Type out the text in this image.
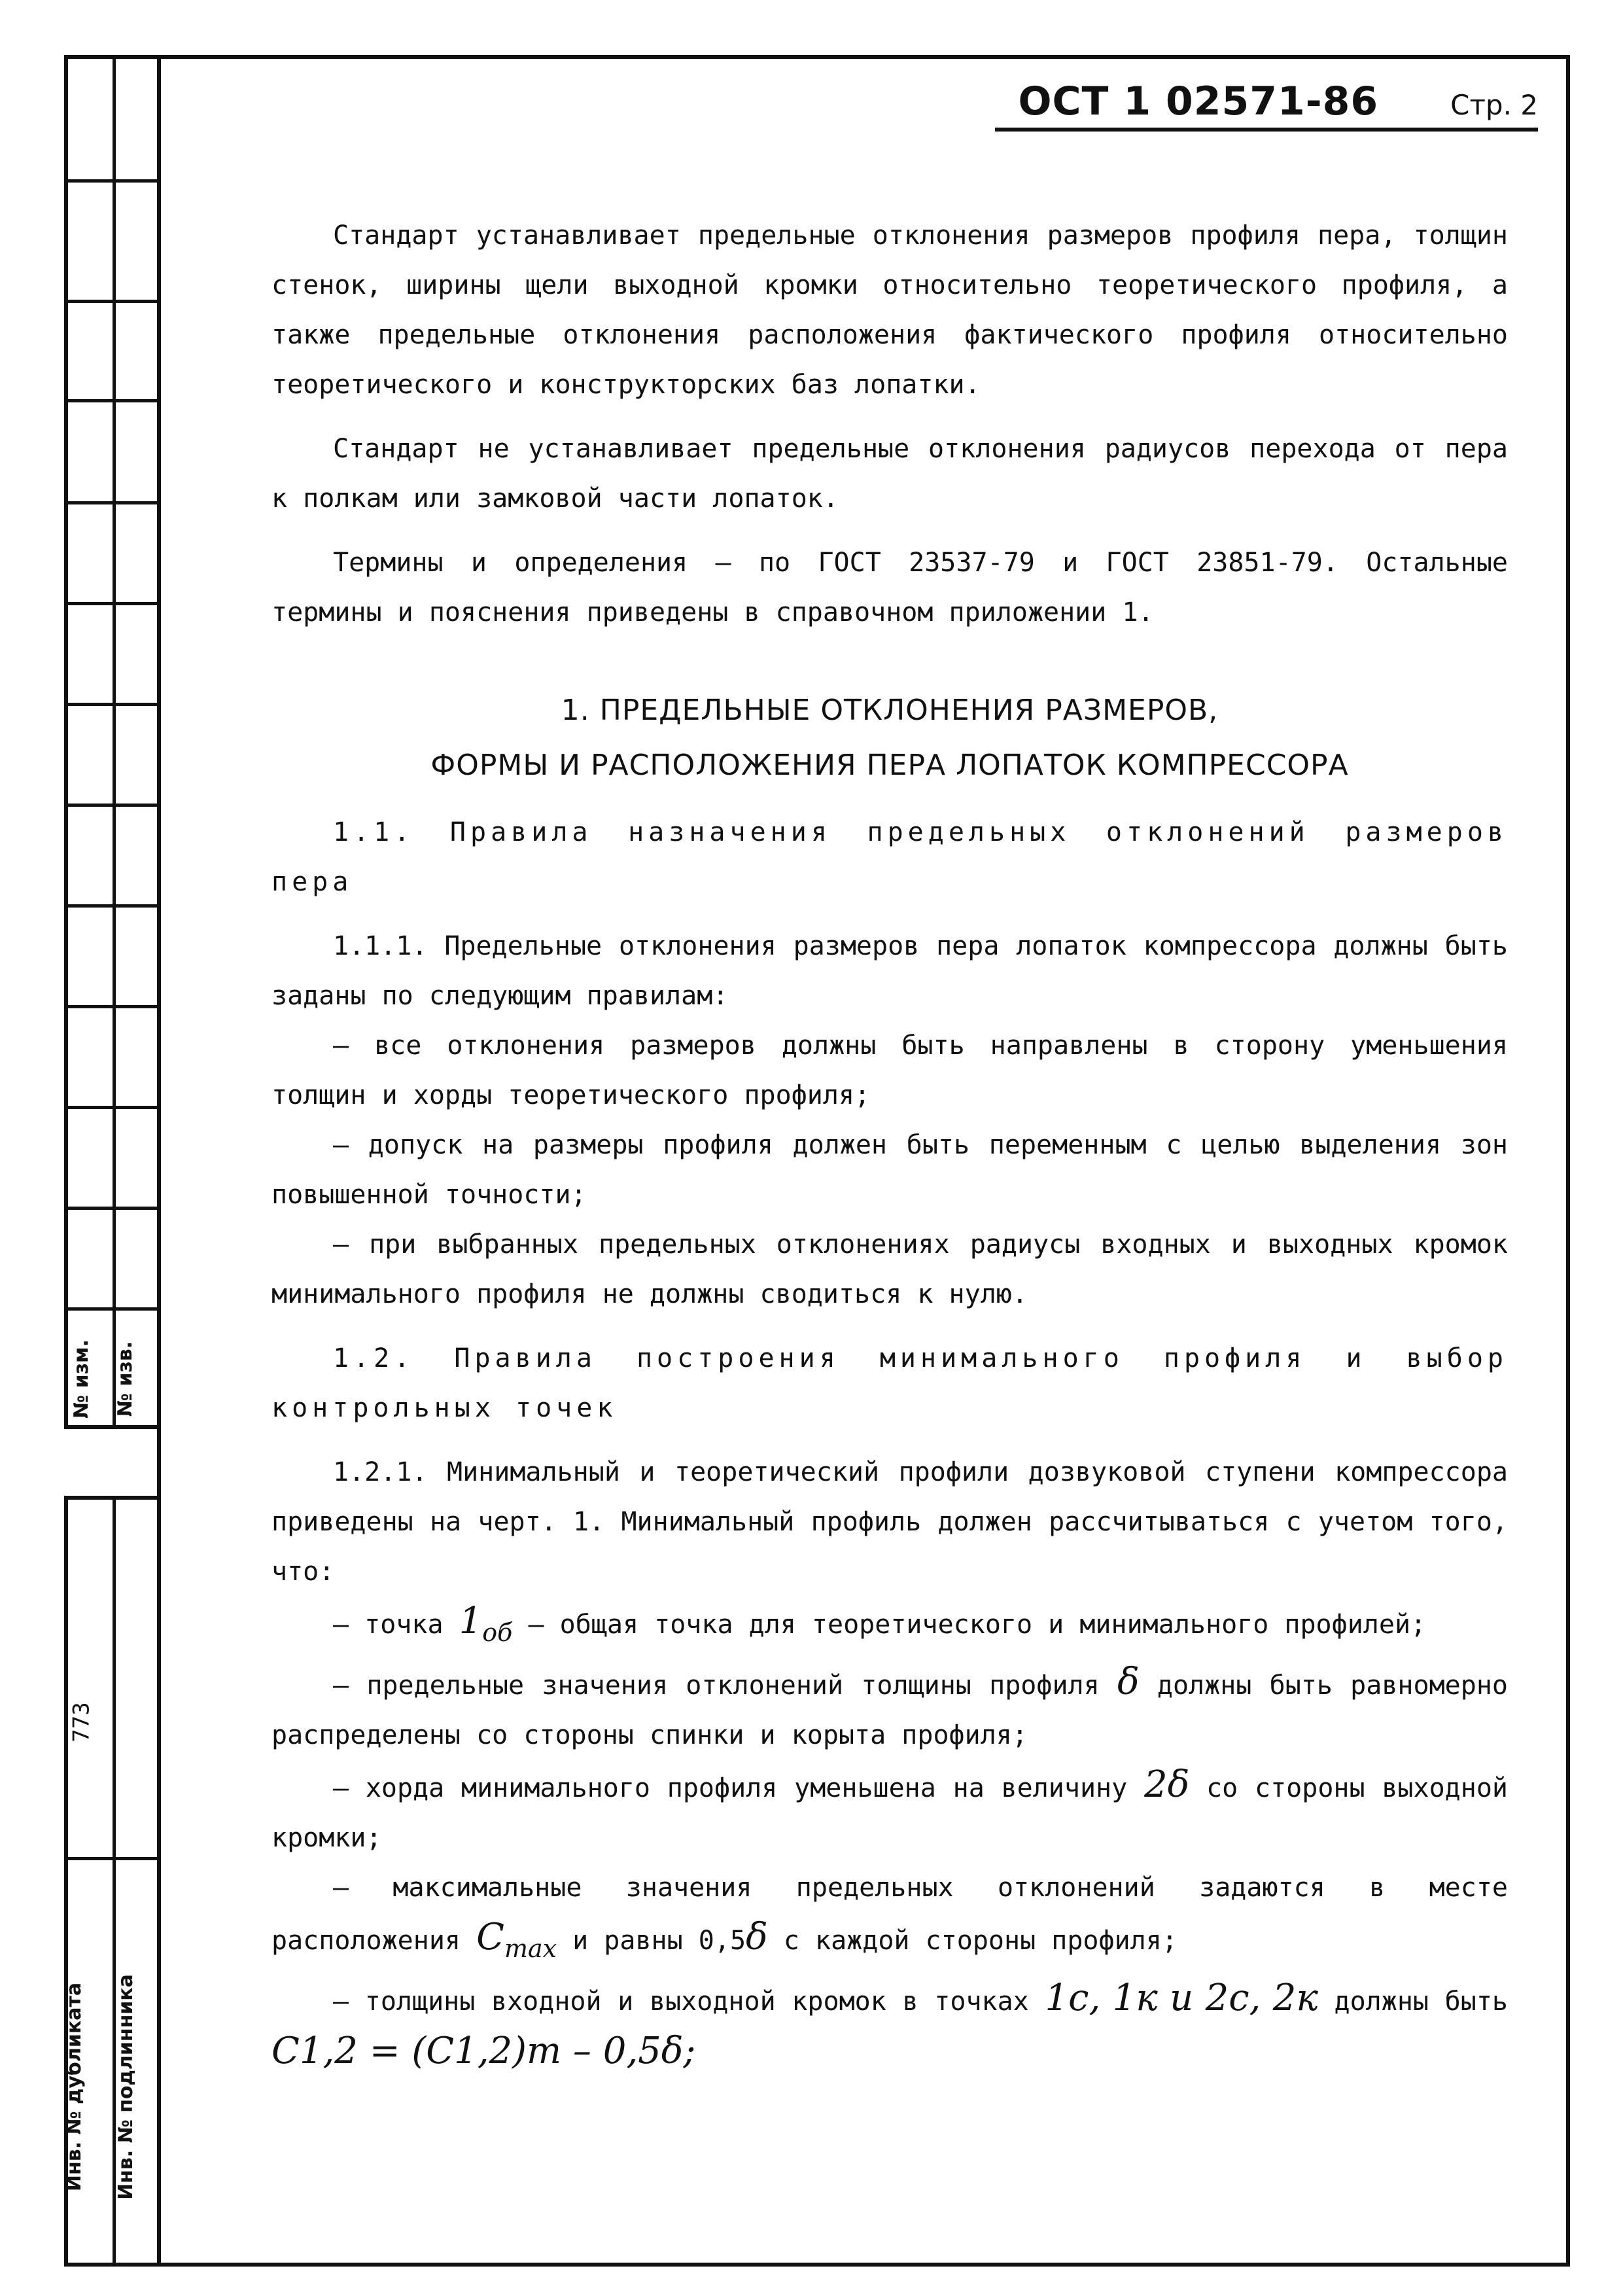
№ изм. № изв.
773
Инв. № дубликата Инв. № подлинника
ОСТ 1 02571-86	Стр. 2

Стандарт устанавливает предельные отклонения размеров профиля пера, толщин стенок, ширины щели выходной кромки относительно теоретического профиля, а также предельные отклонения расположения фактического профиля относительно теоретического и конструкторских баз лопатки.

Стандарт не устанавливает предельные отклонения радиусов перехода от пера к полкам или замковой части лопаток.

Термины и определения – по ГОСТ 23537-79 и ГОСТ 23851-79. Остальные термины и пояснения приведены в справочном приложении 1.

1. ПРЕДЕЛЬНЫЕ ОТКЛОНЕНИЯ РАЗМЕРОВ,
ФОРМЫ И РАСПОЛОЖЕНИЯ ПЕРА ЛОПАТОК КОМПРЕССОРА

1.1. Правила назначения предельных отклонений размеров пера

1.1.1. Предельные отклонения размеров пера лопаток компрессора должны быть заданы по следующим правилам:

– все отклонения размеров должны быть направлены в сторону уменьшения толщин и хорды теоретического профиля;

– допуск на размеры профиля должен быть переменным с целью выделения зон повышенной точности;

– при выбранных предельных отклонениях радиусы входных и выходных кромок минимального профиля не должны сводиться к нулю.

1.2. Правила построения минимального профиля и выбор контрольных точек

1.2.1. Минимальный и теоретический профили дозвуковой ступени компрессора приведены на черт. 1. Минимальный профиль должен рассчитываться с учетом того, что:

– точка $1_{об}$ – общая точка для теоретического и минимального профилей;

– предельные значения отклонений толщины профиля δ должны быть равномерно распределены со стороны спинки и корыта профиля;

– хорда минимального профиля уменьшена на величину 2δ со стороны выходной кромки;

– максимальные значения предельных отклонений задаются в месте расположения $C_{max}$ и равны 0,5δ с каждой стороны профиля;

– толщины входной и выходной кромок в точках 1c, 1к и 2c, 2к должны быть C1,2 = (C1,2)т – 0,5δ;
